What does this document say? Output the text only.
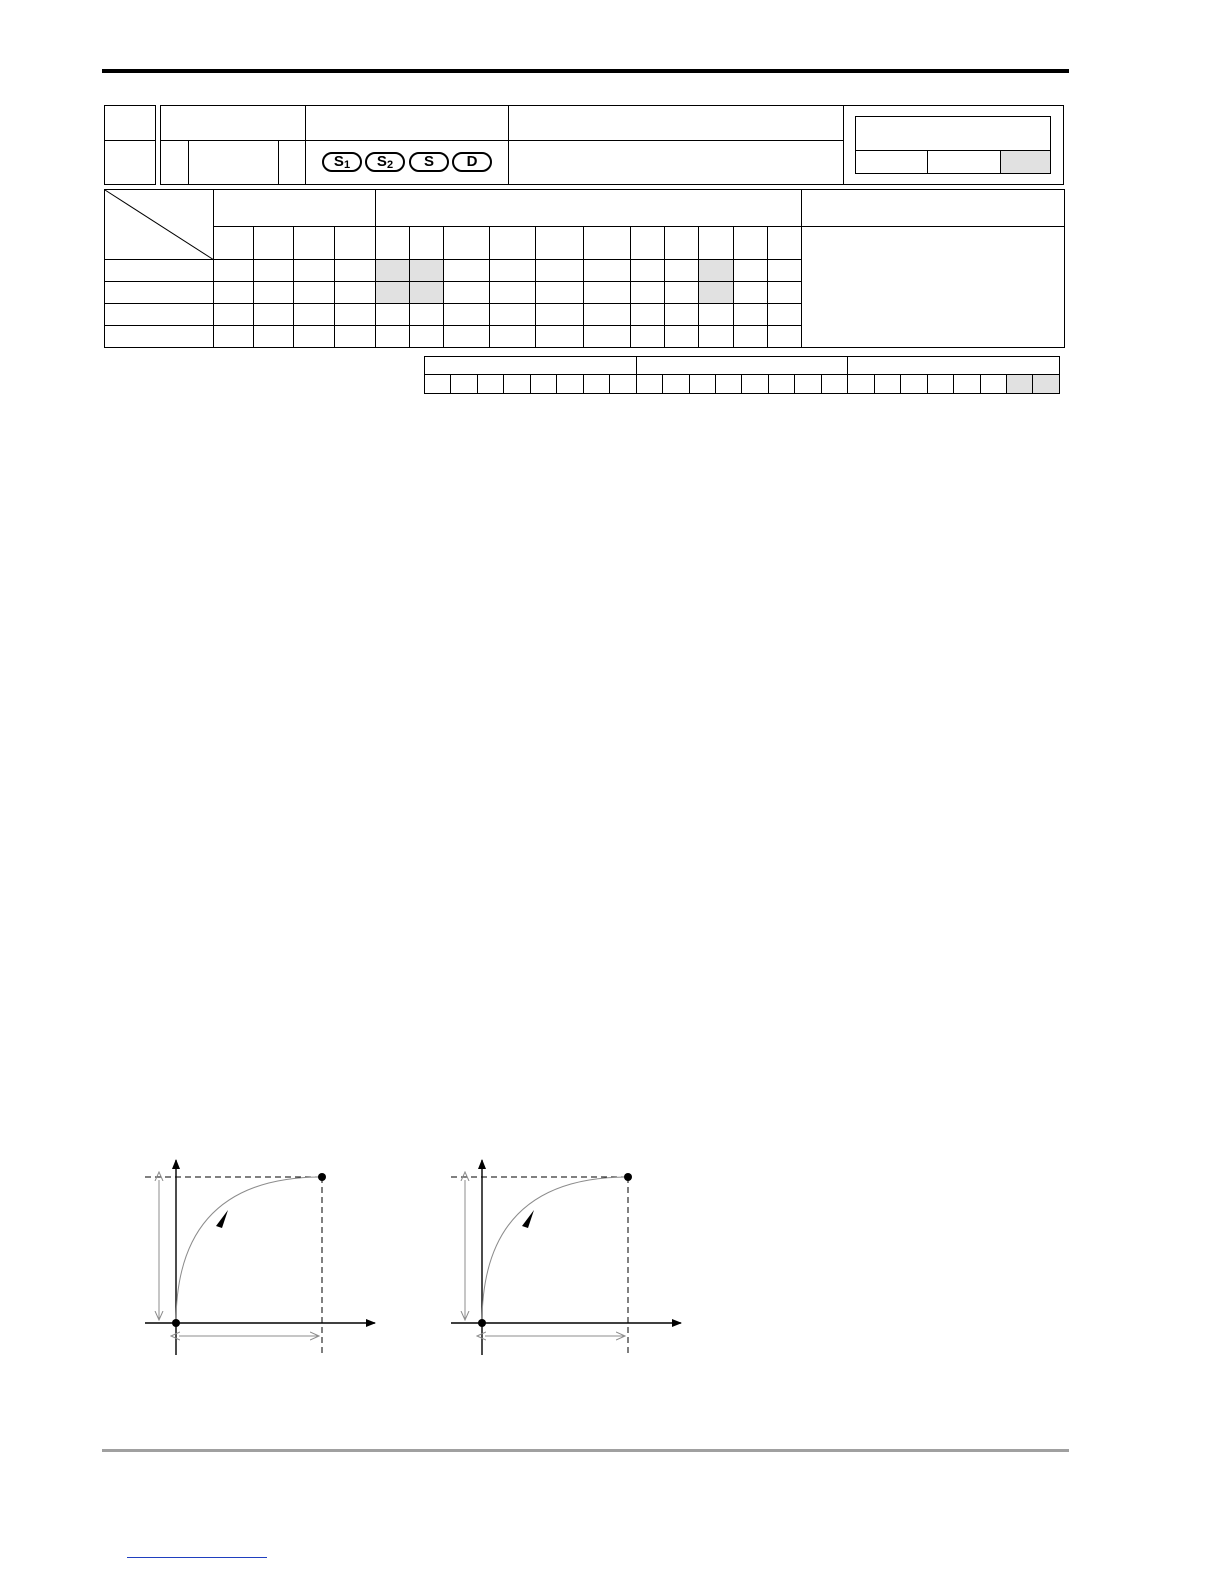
$S_1$	$S_2$	S	D
